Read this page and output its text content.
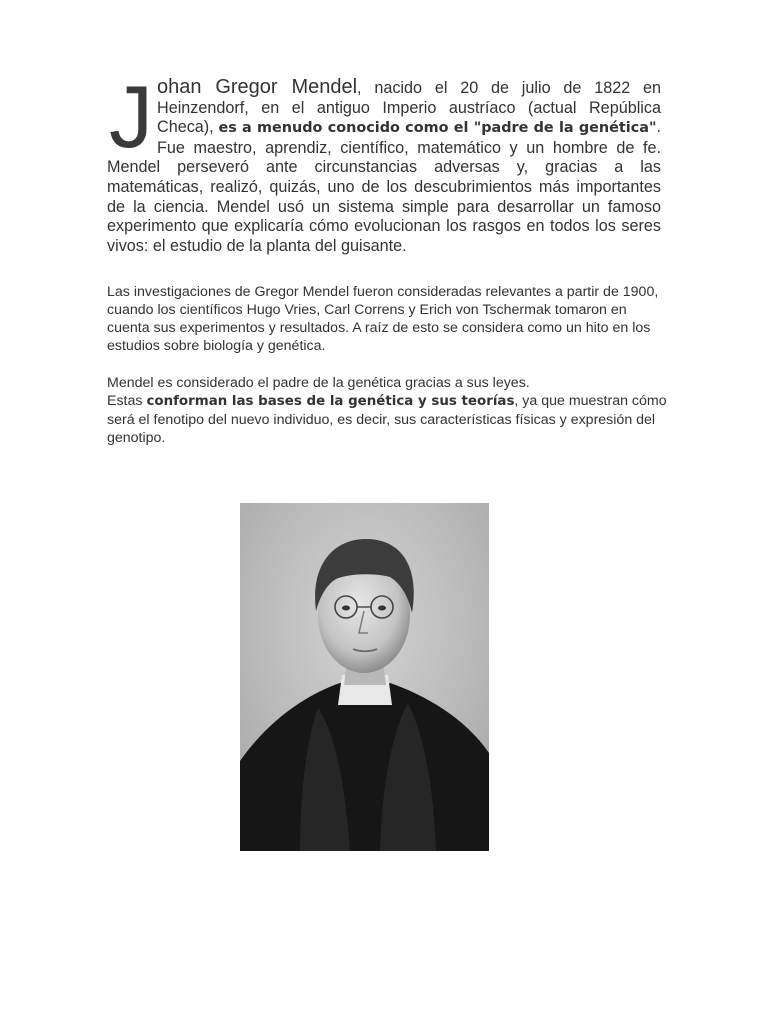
Johan Gregor Mendel, nacido el 20 de julio de 1822 en Heinzendorf, en el antiguo Imperio austríaco (actual República Checa), es a menudo conocido como el "padre de la genética". Fue maestro, aprendiz, científico, matemático y un hombre de fe. Mendel perseveró ante circunstancias adversas y, gracias a las matemáticas, realizó, quizás, uno de los descubrimientos más importantes de la ciencia. Mendel usó un sistema simple para desarrollar un famoso experimento que explicaría cómo evolucionan los rasgos en todos los seres vivos: el estudio de la planta del guisante.
Las investigaciones de Gregor Mendel fueron consideradas relevantes a partir de 1900, cuando los científicos Hugo Vries, Carl Correns y Erich von Tschermak tomaron en cuenta sus experimentos y resultados. A raíz de esto se considera como un hito en los estudios sobre biología y genética.
Mendel es considerado el padre de la genética gracias a sus leyes.
Estas conforman las bases de la genética y sus teorías, ya que muestran cómo será el fenotipo del nuevo individuo, es decir, sus características físicas y expresión del genotipo.
